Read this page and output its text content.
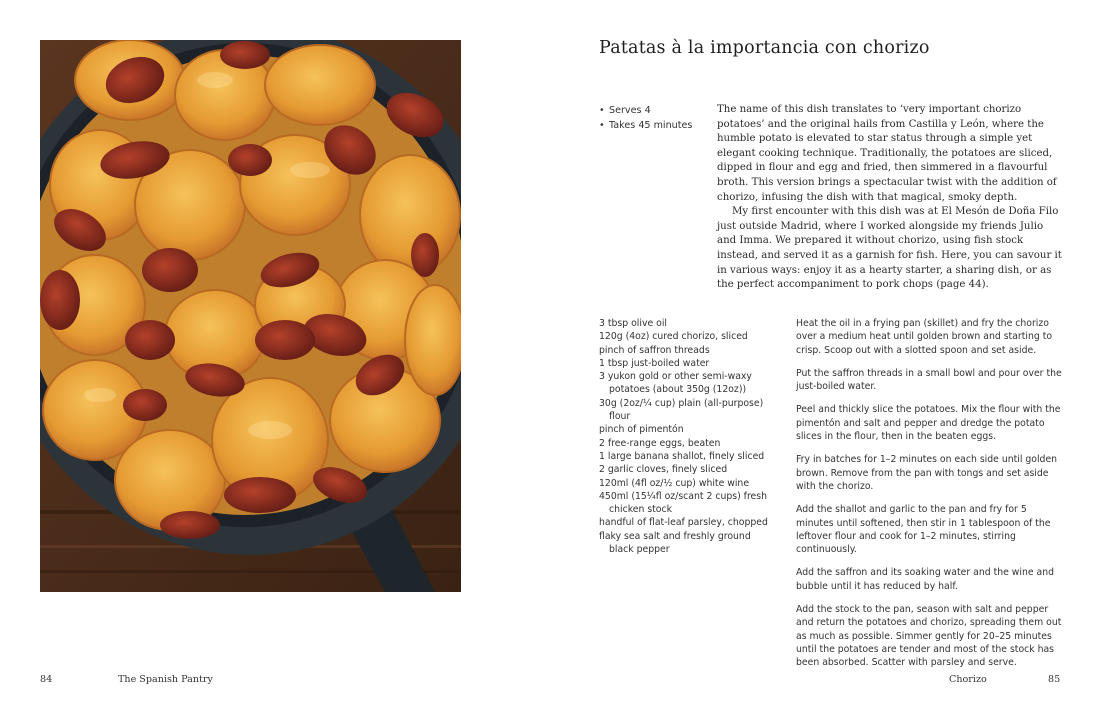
Patatas à la importancia con chorizo
• Serves 4
• Takes 45 minutes

The name of this dish translates to ‘very important chorizo potatoes’ and the original hails from Castilla y León, where the humble potato is elevated to star status through a simple yet elegant cooking technique. Traditionally, the potatoes are sliced, dipped in flour and egg and fried, then simmered in a flavourful broth. This version brings a spectacular twist with the addition of chorizo, infusing the dish with that magical, smoky depth.

My first encounter with this dish was at El Mesón de Doña Filo just outside Madrid, where I worked alongside my friends Julio and Imma. We prepared it without chorizo, using fish stock instead, and served it as a garnish for fish. Here, you can savour it in various ways: enjoy it as a hearty starter, a sharing dish, or as the perfect accompaniment to pork chops (page 44).

3 tbsp olive oil
120g (4oz) cured chorizo, sliced
pinch of saffron threads
1 tbsp just-boiled water
3 yukon gold or other semi-waxy potatoes (about 350g (12oz))
30g (2oz/¼ cup) plain (all-purpose) flour
pinch of pimentón
2 free-range eggs, beaten
1 large banana shallot, finely sliced
2 garlic cloves, finely sliced
120ml (4fl oz/½ cup) white wine
450ml (15¼fl oz/scant 2 cups) fresh chicken stock
handful of flat-leaf parsley, chopped
flaky sea salt and freshly ground black pepper

Heat the oil in a frying pan (skillet) and fry the chorizo over a medium heat until golden brown and starting to crisp. Scoop out with a slotted spoon and set aside.

Put the saffron threads in a small bowl and pour over the just-boiled water.

Peel and thickly slice the potatoes. Mix the flour with the pimentón and salt and pepper and dredge the potato slices in the flour, then in the beaten eggs.

Fry in batches for 1–2 minutes on each side until golden brown. Remove from the pan with tongs and set aside with the chorizo.

Add the shallot and garlic to the pan and fry for 5 minutes until softened, then stir in 1 tablespoon of the leftover flour and cook for 1–2 minutes, stirring continuously.

Add the saffron and its soaking water and the wine and bubble until it has reduced by half.

Add the stock to the pan, season with salt and pepper and return the potatoes and chorizo, spreading them out as much as possible. Simmer gently for 20–25 minutes until the potatoes are tender and most of the stock has been absorbed. Scatter with parsley and serve.

84	The Spanish Pantry	Chorizo	85
